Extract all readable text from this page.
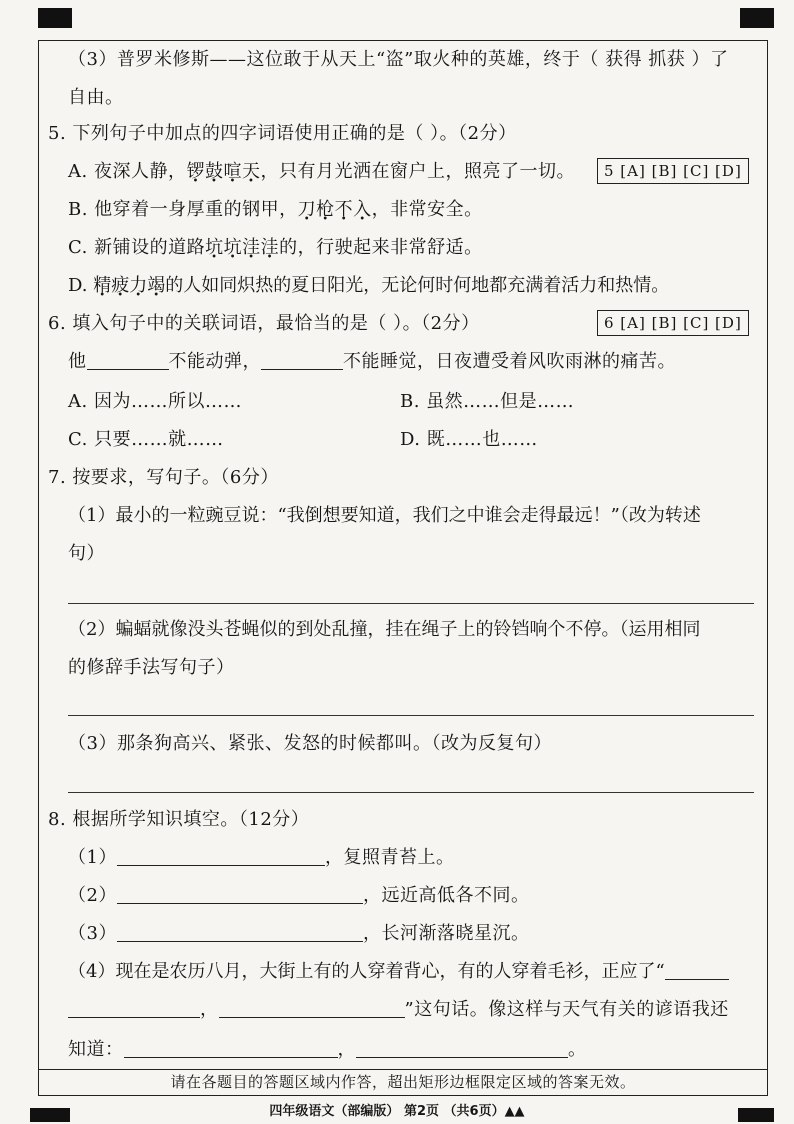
（3）普罗米修斯——这位敢于从天上“盗”取火种的英雄，终于（ 获得 抓获 ）了
自由。
5. 下列句子中加点的四字词语使用正确的是（ ）。（2分）
A. 夜深人静，锣鼓喧天，只有月光洒在窗户上，照亮了一切。	5 [A] [B] [C] [D]
B. 他穿着一身厚重的钢甲，刀枪不入，非常安全。
C. 新铺设的道路坑坑洼洼的，行驶起来非常舒适。
D. 精疲力竭的人如同炽热的夏日阳光，无论何时何地都充满着活力和热情。
6. 填入句子中的关联词语，最恰当的是（ ）。（2分）	6 [A] [B] [C] [D]
他	不能动弹，	不能睡觉，日夜遭受着风吹雨淋的痛苦。
A. 因为……所以……	B. 虽然……但是……
C. 只要……就……	D. 既……也……
7. 按要求，写句子。（6分）
（1）最小的一粒豌豆说：“我倒想要知道，我们之中谁会走得最远！”（改为转述
句）
（2）蝙蝠就像没头苍蝇似的到处乱撞，挂在绳子上的铃铛响个不停。（运用相同
的修辞手法写句子）
（3）那条狗高兴、紧张、发怒的时候都叫。（改为反复句）
8. 根据所学知识填空。（12分）
（1）	，复照青苔上。
（2）	，远近高低各不同。
（3）	，长河渐落晓星沉。
（4）现在是农历八月，大街上有的人穿着背心，有的人穿着毛衫，正应了“
，	”这句话。像这样与天气有关的谚语我还
知道：	，	。
请在各题目的答题区域内作答，超出矩形边框限定区域的答案无效。
四年级语文（部编版） 第2页 （共6页）▲▲
